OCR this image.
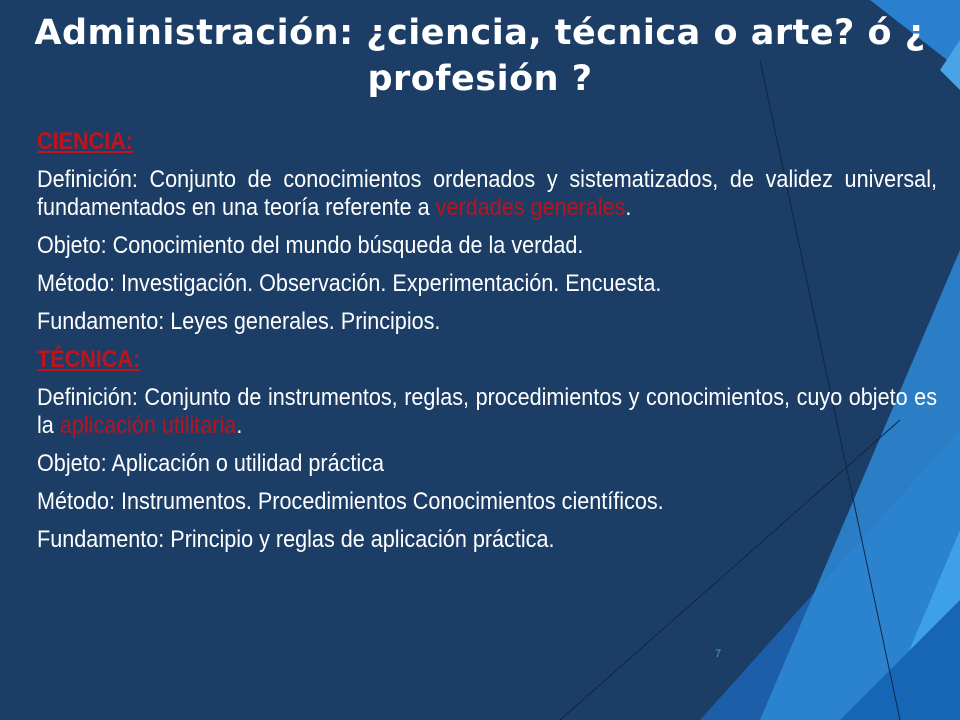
Administración: ¿ciencia, técnica o arte? ó ¿ profesión ?

CIENCIA:

Definición: Conjunto de conocimientos ordenados y sistematizados, de validez universal, fundamentados en una teoría referente a verdades generales.

Objeto: Conocimiento del mundo búsqueda de la verdad.

Método: Investigación. Observación. Experimentación. Encuesta.

Fundamento: Leyes generales. Principios.

TÉCNICA:

Definición: Conjunto de instrumentos, reglas, procedimientos y conocimientos, cuyo objeto es la aplicación utilitaria.

Objeto: Aplicación o utilidad práctica

Método: Instrumentos. Procedimientos Conocimientos científicos.

Fundamento: Principio y reglas de aplicación práctica.

7
